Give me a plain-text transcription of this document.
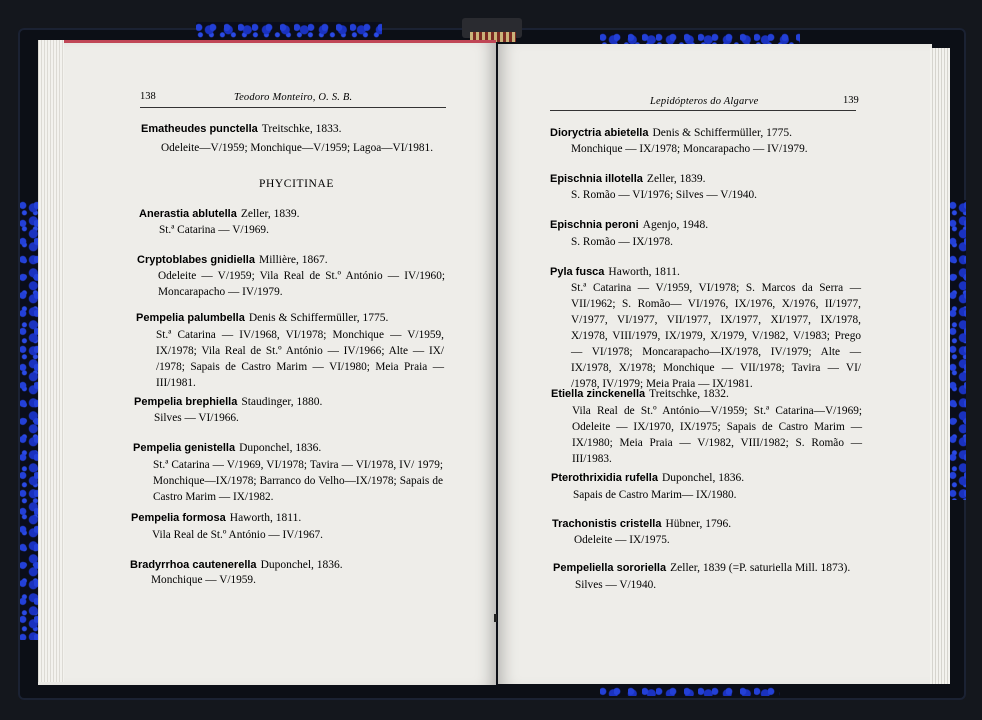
138	Teodoro Monteiro, O. S. B.
Ematheudes punctella Treitschke, 1833.
Odeleite—V/1959; Monchique—V/1959; Lagoa—VI/1981.
PHYCITINAE
Anerastia ablutella Zeller, 1839.
St.ª Catarina — V/1969.
Cryptoblabes gnidiella Millière, 1867.
Odeleite — V/1959; Vila Real de St.º António — IV/1960; Moncarapacho — IV/1979.
Pempelia palumbella Denis & Schiffermüller, 1775.
St.ª Catarina — IV/1968, VI/1978; Monchique — V/1959, IX/1978; Vila Real de St.º António — IV/1966; Alte — IX/ /1978; Sapais de Castro Marim — VI/1980; Meia Praia — III/1981.
Pempelia brephiella Staudinger, 1880.
Silves — VI/1966.
Pempelia genistella Duponchel, 1836.
St.ª Catarina — V/1969, VI/1978; Tavira — VI/1978, IV/ 1979; Monchique—IX/1978; Barranco do Velho—IX/1978; Sapais de Castro Marim — IX/1982.
Pempelia formosa Haworth, 1811.
Vila Real de St.º António — IV/1967.
Bradyrrhoa cautenerella Duponchel, 1836.
Monchique — V/1959.
Lepidópteros do Algarve	139
Dioryctria abietella Denis & Schiffermüller, 1775.
Monchique — IX/1978; Moncarapacho — IV/1979.
Epischnia illotella Zeller, 1839.
S. Romão — VI/1976; Silves — V/1940.
Epischnia peroni Agenjo, 1948.
S. Romão — IX/1978.
Pyla fusca Haworth, 1811.
St.ª Catarina — V/1959, VI/1978; S. Marcos da Serra — VII/1962; S. Romão— VI/1976, IX/1976, X/1976, II/1977, V/1977, VI/1977, VII/1977, IX/1977, XI/1977, IX/1978, X/1978, VIII/1979, IX/1979, X/1979, V/1982, V/1983; Prego — VI/1978; Moncarapacho—IX/1978, IV/1979; Alte — IX/1978, X/1978; Monchique — VII/1978; Tavira — VI/ /1978, IV/1979; Meia Praia — IX/1981.
Etiella zinckenella Treitschke, 1832.
Vila Real de St.º António—V/1959; St.ª Catarina—V/1969; Odeleite — IX/1970, IX/1975; Sapais de Castro Marim — IX/1980; Meia Praia — V/1982, VIII/1982; S. Romão — III/1983.
Pterothrixidia rufella Duponchel, 1836.
Sapais de Castro Marim— IX/1980.
Trachonistis cristella Hübner, 1796.
Odeleite — IX/1975.
Pempeliella sororiella Zeller, 1839 (=P. saturiella Mill. 1873).
Silves — V/1940.
